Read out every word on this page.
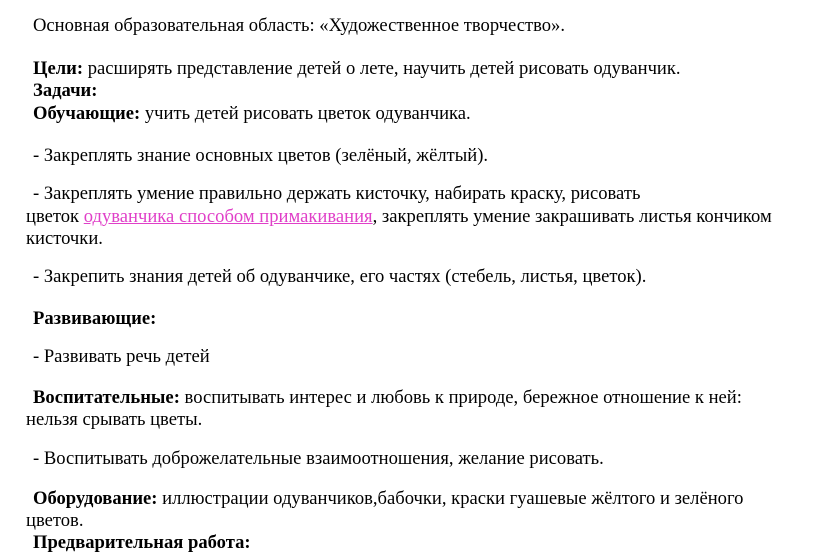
Основная образовательная область: «Художественное творчество».
Цели: расширять представление детей о лете, научить детей рисовать одуванчик.
Задачи:
Обучающие: учить детей рисовать цветок одуванчика.
- Закреплять знание основных цветов (зелёный, жёлтый).
- Закреплять умение правильно держать кисточку, набирать краску, рисовать
цветок одуванчика способом примакивания, закреплять умение закрашивать листья кончиком
кисточки.
- Закрепить знания детей об одуванчике, его частях (стебель, листья, цветок).
Развивающие:
- Развивать речь детей
Воспитательные: воспитывать интерес и любовь к природе, бережное отношение к ней:
нельзя срывать цветы.
- Воспитывать доброжелательные взаимоотношения, желание рисовать.
Оборудование: иллюстрации одуванчиков,бабочки, краски гуашевые жёлтого и зелёного
цветов.
Предварительная работа:
